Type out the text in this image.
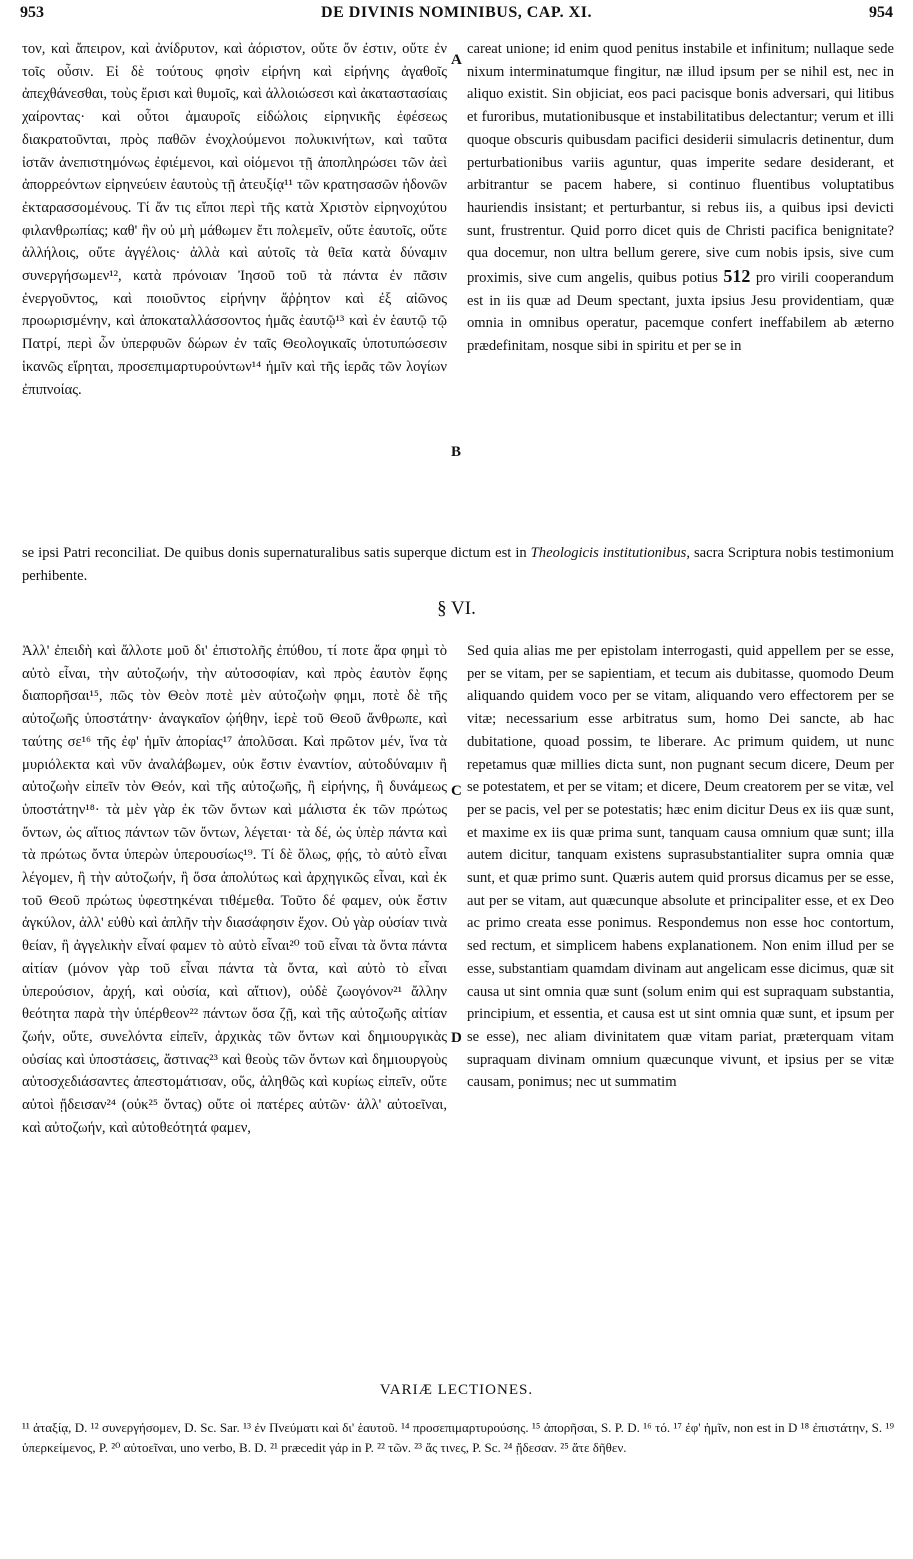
953	DE DIVINIS NOMINIBUS, CAP. XI.	954

τον, καὶ ἄπειρον, καὶ ἀνίδρυτον, καὶ ἀόριστον, οὔτε ὄν ἐστιν, οὔτε ἐν τοῖς οὖσιν. Εἰ δὲ τούτους φησὶν εἰρήνη καὶ εἰρήνης ἀγαθοῖς ἀπεχθάνεσθαι, τοὺς ἔρισι καὶ θυμοῖς, καὶ ἀλλοιώσεσι καὶ ἀκαταστασίαις χαίροντας· καὶ οὗτοι ἀμαυροῖς εἰδώλοις εἰρηνικῆς ἐφέσεως διακρατοῦνται, πρὸς παθῶν ἐνοχλούμενοι πολυκινήτων, καὶ ταῦτα ἰστᾶν ἀνεπιστημόνως ἐφιέμενοι, καὶ οἰόμενοι τῇ ἀποπληρώσει τῶν ἀεὶ ἀπορρεόντων εἰρηνεύειν ἑαυτοὺς τῇ ἀτευξίᾳ¹¹ τῶν κρατησασῶν ἡδονῶν ἐκταρασσομένους. Τί ἄν τις εἴποι περὶ τῆς κατὰ Χριστὸν εἰρηνοχύτου φιλανθρωπίας; καθ' ἣν οὐ μὴ μάθωμεν ἔτι πολεμεῖν, οὔτε ἑαυτοῖς, οὔτε ἀλλήλοις, οὔτε ἀγγέλοις· ἀλλὰ καὶ αὐτοῖς τὰ θεῖα κατὰ δύναμιν συνεργήσωμεν¹², κατὰ πρόνοιαν Ἰησοῦ τοῦ τὰ πάντα ἐν πᾶσιν ἐνεργοῦντος, καὶ ποιοῦντος εἰρήνην ἄῤῥητον καὶ ἐξ αἰῶνος προωρισμένην, καὶ ἀποκαταλλάσσοντος ἡμᾶς ἑαυτῷ¹³ καὶ ἐν ἑαυτῷ τῷ Πατρί, περὶ ὧν ὑπερφυῶν δώρων ἐν ταῖς Θεολογικαῖς ὑποτυπώσεσιν ἱκανῶς εἴρηται, προσεπιμαρτυρούντων¹⁴ ἡμῖν καὶ τῆς ἱερᾶς τῶν λογίων ἐπιπνοίας.

careat unione; id enim quod penitus instabile et infinitum; nullaque sede nixum interminatumque fingitur, næ illud ipsum per se nihil est, nec in aliquo existit. Sin objiciat, eos paci pacisque bonis adversari, qui litibus et furoribus, mutationibusque et instabilitatibus delectantur; verum et illi quoque obscuris quibusdam pacifici desiderii simulacris detinentur, dum perturbationibus variis aguntur, quas imperite sedare desiderant, et arbitrantur se pacem habere, si continuo fluentibus voluptatibus hauriendis insistant; et perturbantur, si rebus iis, a quibus ipsi devicti sunt, frustrentur. Quid porro dicet quis de Christi pacifica benignitate? qua docemur, non ultra bellum gerere, sive cum nobis ipsis, sive cum proximis, sive cum angelis, quibus potius 512 pro virili cooperandum est in iis quæ ad Deum spectant, juxta ipsius Jesu providentiam, quæ omnia in omnibus operatur, pacemque confert ineffabilem ab æterno prædefinitam, nosque sibi in spiritu et per se in

A
B
C
D
se ipsi Patri reconciliat. De quibus donis supernaturalibus satis superque dictum est in Theologicis institutionibus, sacra Scriptura nobis testimonium perhibente.
§ VI.

Ἀλλ' ἐπειδὴ καὶ ἄλλοτε μοῦ δι' ἐπιστολῆς ἐπύθου, τί ποτε ἄρα φημὶ τὸ αὐτὸ εἶναι, τὴν αὐτοζωήν, τὴν αὐτοσοφίαν, καὶ πρὸς ἑαυτὸν ἔφης διαπορῆσαι¹⁵, πῶς τὸν Θεὸν ποτὲ μὲν αὐτοζωὴν φημι, ποτὲ δὲ τῆς αὐτοζωῆς ὑποστάτην· ἀναγκαῖον ᾠήθην, ἱερὲ τοῦ Θεοῦ ἄνθρωπε, καὶ ταύτης σε¹⁶ τῆς ἐφ' ἡμῖν ἀπορίας¹⁷ ἀπολῦσαι. Καὶ πρῶτον μέν, ἵνα τὰ μυριόλεκτα καὶ νῦν ἀναλάβωμεν, οὐκ ἔστιν ἐναντίον, αὐτοδύναμιν ἢ αὐτοζωὴν εἰπεῖν τὸν Θεόν, καὶ τῆς αὐτοζωῆς, ἢ εἰρήνης, ἢ δυνάμεως ὑποστάτην¹⁸· τὰ μὲν γὰρ ἐκ τῶν ὄντων καὶ μάλιστα ἐκ τῶν πρώτως ὄντων, ὡς αἴτιος πάντων τῶν ὄντων, λέγεται· τὰ δέ, ὡς ὑπὲρ πάντα καὶ τὰ πρώτως ὄντα ὑπερὼν ὑπερουσίως¹⁹. Τί δὲ ὅλως, φῄς, τὸ αὐτὸ εἶναι λέγομεν, ἢ τὴν αὐτοζωήν, ἢ ὅσα ἀπολύτως καὶ ἀρχηγικῶς εἶναι, καὶ ἐκ τοῦ Θεοῦ πρώτως ὑφεστηκέναι τιθέμεθα. Τοῦτο δέ φαμεν, οὐκ ἔστιν ἀγκύλον, ἀλλ' εὐθὺ καὶ ἁπλῆν τὴν διασάφησιν ἔχον. Οὐ γὰρ οὐσίαν τινὰ θείαν, ἢ ἀγγελικὴν εἶναί φαμεν τὸ αὐτὸ εἶναι²⁰ τοῦ εἶναι τὰ ὄντα πάντα αἰτίαν (μόνον γὰρ τοῦ εἶναι πάντα τὰ ὄντα, καὶ αὐτὸ τὸ εἶναι ὑπερούσιον, ἀρχή, καὶ οὐσία, καὶ αἴτιον), οὐδὲ ζωογόνον²¹ ἄλλην θεότητα παρὰ τὴν ὑπέρθεον²² πάντων ὅσα ζῇ, καὶ τῆς αὐτοζωῆς αἰτίαν ζωήν, οὔτε, συνελόντα εἰπεῖν, ἀρχικὰς τῶν ὄντων καὶ δημιουργικὰς οὐσίας καὶ ὑποστάσεις, ἅστινας²³ καὶ θεοὺς τῶν ὄντων καὶ δημιουργοὺς αὐτοσχεδιάσαντες ἀπεστομάτισαν, οὕς, ἀληθῶς καὶ κυρίως εἰπεῖν, οὔτε αὐτοὶ ᾔδεισαν²⁴ (οὐκ²⁵ ὄντας) οὔτε οἱ πατέρες αὐτῶν· ἀλλ' αὐτοεῖναι, καὶ αὐτοζωήν, καὶ αὐτοθεότητά φαμεν,

Sed quia alias me per epistolam interrogasti, quid appellem per se esse, per se vitam, per se sapientiam, et tecum ais dubitasse, quomodo Deum aliquando quidem voco per se vitam, aliquando vero effectorem per se vitæ; necessarium esse arbitratus sum, homo Dei sancte, ab hac dubitatione, quoad possim, te liberare. Ac primum quidem, ut nunc repetamus quæ millies dicta sunt, non pugnant secum dicere, Deum per se potestatem, et per se vitam; et dicere, Deum creatorem per se vitæ, vel per se pacis, vel per se potestatis; hæc enim dicitur Deus ex iis quæ sunt, et maxime ex iis quæ prima sunt, tanquam causa omnium quæ sunt; illa autem dicitur, tanquam existens suprasubstantialiter supra omnia quæ sunt, et quæ primo sunt. Quæris autem quid prorsus dicamus per se esse, aut per se vitam, aut quæcunque absolute et principaliter esse, et ex Deo ac primo creata esse ponimus. Respondemus non esse hoc contortum, sed rectum, et simplicem habens explanationem. Non enim illud per se esse, substantiam quamdam divinam aut angelicam esse dicimus, quæ sit causa ut sint omnia quæ sunt (solum enim qui est supraquam substantia, principium, et essentia, et causa est ut sint omnia quæ sunt, et ipsum per se esse), nec aliam divinitatem quæ vitam pariat, præterquam vitam supraquam divinam omnium quæcunque vivunt, et ipsius per se vitæ causam, ponimus; nec ut summatim

VARIÆ LECTIONES.

¹¹ ἀταξίᾳ, D. ¹² συνεργήσομεν, D. Sc. Sar. ¹³ ἐν Πνεύματι καὶ δι' ἑαυτοῦ. ¹⁴ προσεπιμαρτυρούσης. ¹⁵ ἀπορῆσαι, S. P. D. ¹⁶ τό. ¹⁷ ἐφ' ἡμῖν, non est in D ¹⁸ ἐπιστάτην, S. ¹⁹ ὑπερκείμενος, P. ²⁰ αὐτοεῖναι, uno verbo, B. D. ²¹ præcedit γάρ in P. ²² τῶν. ²³ ἅς τινες, P. Sc. ²⁴ ᾔδεσαν. ²⁵ ἅτε δῆθεν.
